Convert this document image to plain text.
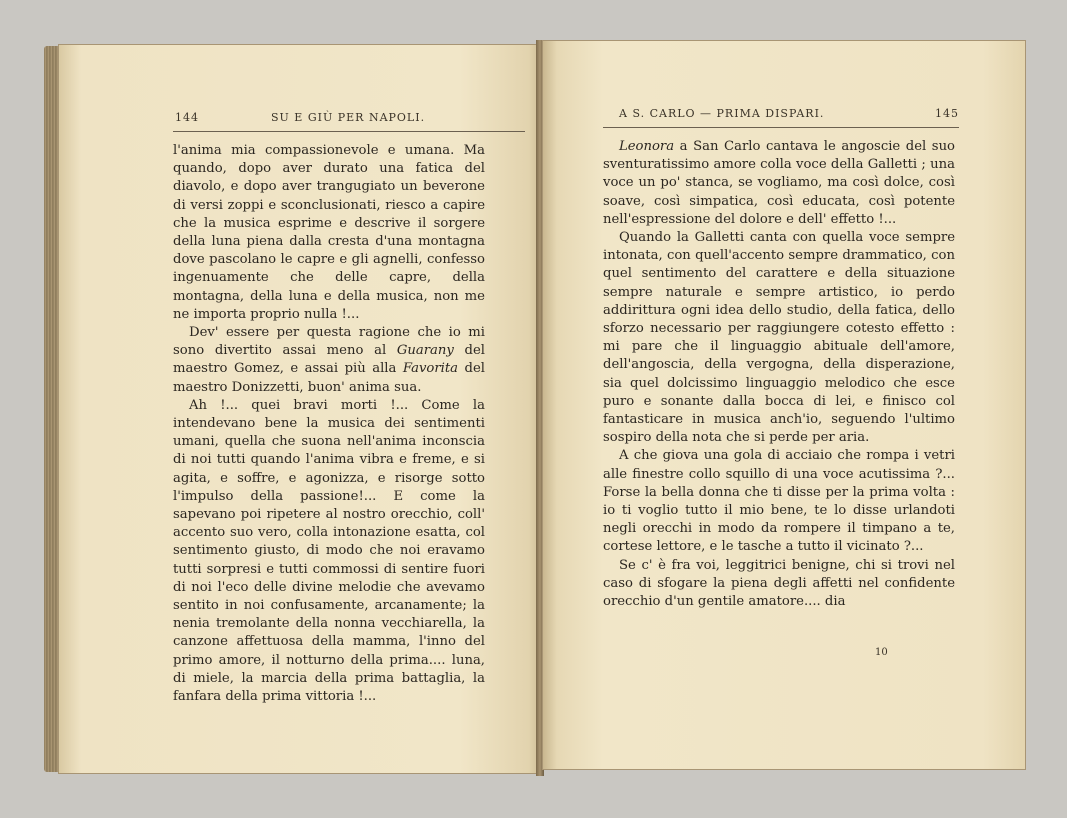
144	SU E GIÙ PER NAPOLI.

l'anima mia compassionevole e umana. Ma quando, dopo aver durato una fatica del diavolo, e dopo aver trangugiato un beverone di versi zoppi e sconclusionati, riesco a capire che la musica esprime e descrive il sorgere della luna piena dalla cresta d'una montagna dove pascolano le capre e gli agnelli, confesso ingenuamente che delle capre, della montagna, della luna e della musica, non me ne importa proprio nulla !...

Dev' essere per questa ragione che io mi sono divertito assai meno al Guarany del maestro Gomez, e assai più alla Favorita del maestro Donizzetti, buon' anima sua.

Ah !... quei bravi morti !... Come la intendevano bene la musica dei sentimenti umani, quella che suona nell'anima inconscia di noi tutti quando l'anima vibra e freme, e si agita, e soffre, e agonizza, e risorge sotto l'impulso della passione!... E come la sapevano poi ripetere al nostro orecchio, coll' accento suo vero, colla intonazione esatta, col sentimento giusto, di modo che noi eravamo tutti sorpresi e tutti commossi di sentire fuori di noi l'eco delle divine melodie che avevamo sentito in noi confusamente, arcanamente; la nenia tremolante della nonna vecchiarella, la canzone affettuosa della mamma, l'inno del primo amore, il notturno della prima.... luna, di miele, la marcia della prima battaglia, la fanfara della prima vittoria !...

A S. CARLO — PRIMA DISPARI.	145

Leonora a San Carlo cantava le angoscie del suo sventuratissimo amore colla voce della Galletti ; una voce un po' stanca, se vogliamo, ma così dolce, così soave, così simpatica, così educata, così potente nell'espressione del dolore e dell' effetto !...

Quando la Galletti canta con quella voce sempre intonata, con quell'accento sempre drammatico, con quel sentimento del carattere e della situazione sempre naturale e sempre artistico, io perdo addirittura ogni idea dello studio, della fatica, dello sforzo necessario per raggiungere cotesto effetto : mi pare che il linguaggio abituale dell'amore, dell'angoscia, della vergogna, della disperazione, sia quel dolcissimo linguaggio melodico che esce puro e sonante dalla bocca di lei, e finisco col fantasticare in musica anch'io, seguendo l'ultimo sospiro della nota che si perde per aria.

A che giova una gola di acciaio che rompa i vetri alle finestre collo squillo di una voce acutissima ?... Forse la bella donna che ti disse per la prima volta : io ti voglio tutto il mio bene, te lo disse urlandoti negli orecchi in modo da rompere il timpano a te, cortese lettore, e le tasche a tutto il vicinato ?...

Se c' è fra voi, leggitrici benigne, chi si trovi nel caso di sfogare la piena degli affetti nel confidente orecchio d'un gentile amatore.... dia

10
